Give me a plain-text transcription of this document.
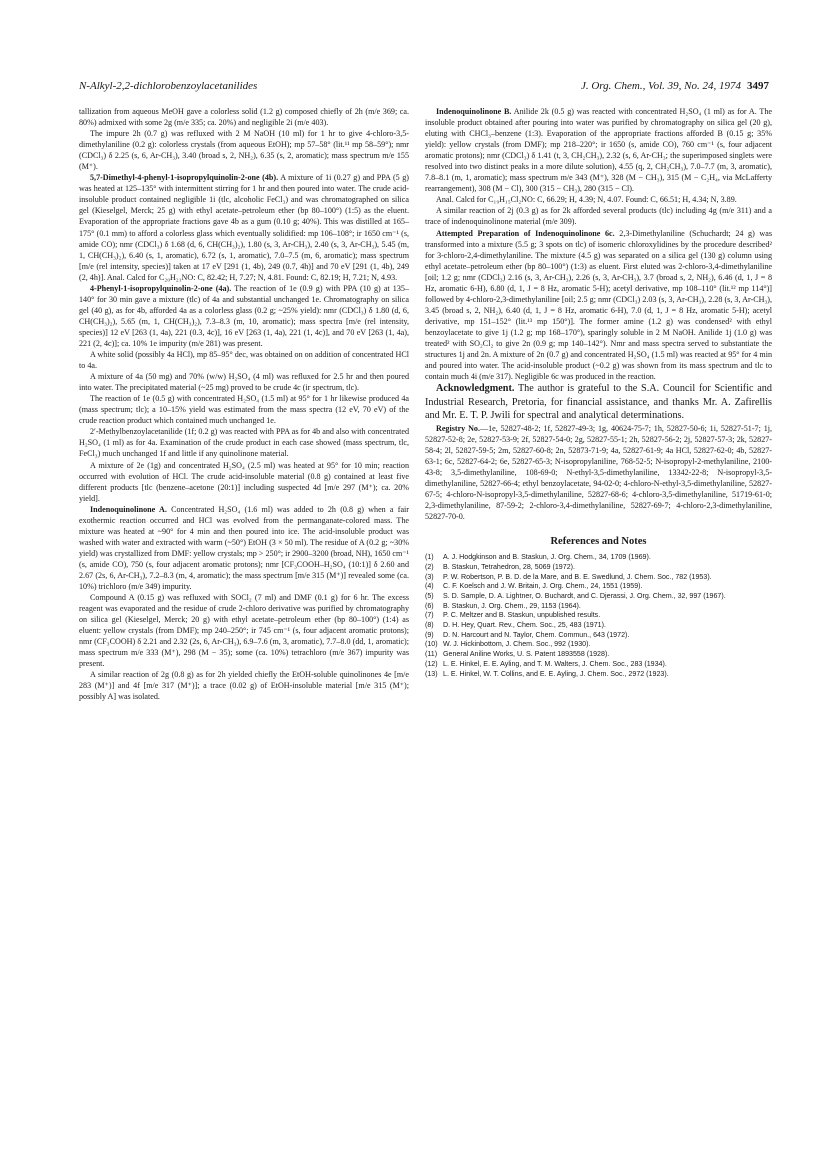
N-Alkyl-2,2-dichlorobenzoylacetanilides	J. Org. Chem., Vol. 39, No. 24, 1974 3497

tallization from aqueous MeOH gave a colorless solid (1.2 g) composed chiefly of 2h (m/e 369; ca. 80%) admixed with some 2g (m/e 335; ca. 20%) and negligible 2i (m/e 403).

The impure 2h (0.7 g) was refluxed with 2 M NaOH (10 ml) for 1 hr to give 4-chloro-3,5-dimethylaniline (0.2 g): colorless crystals (from aqueous EtOH); mp 57–58° (lit.¹¹ mp 58–59°); nmr (CDCl₃) δ 2.25 (s, 6, Ar-CH₃), 3.40 (broad s, 2, NH₂), 6.35 (s, 2, aromatic); mass spectrum m/e 155 (M⁺).

5,7-Dimethyl-4-phenyl-1-isopropylquinolin-2-one (4b). A mixture of 1i (0.27 g) and PPA (5 g) was heated at 125–135° with intermittent stirring for 1 hr and then poured into water. The crude acid-insoluble product contained negligible 1i (tlc, alcoholic FeCl₃) and was chromatographed on silica gel (Kieselgel, Merck; 25 g) with ethyl acetate–petroleum ether (bp 80–100°) (1:5) as the eluent. Evaporation of the appropriate fractions gave 4b as a gum (0.10 g; 40%). This was distilled at 165–175° (0.1 mm) to afford a colorless glass which eventually solidified: mp 106–108°; ir 1650 cm⁻¹ (s, amide CO); nmr (CDCl₃) δ 1.68 (d, 6, CH(CH₃)₂), 1.80 (s, 3, Ar-CH₃), 2.40 (s, 3, Ar-CH₃), 5.45 (m, 1, CH(CH₃)₂), 6.40 (s, 1, aromatic), 6.72 (s, 1, aromatic), 7.0–7.5 (m, 6, aromatic); mass spectrum [m/e (rel intensity, species)] taken at 17 eV [291 (1, 4b), 249 (0.7, 4h)] and 70 eV [291 (1, 4b), 249 (2, 4h)]. Anal. Calcd for C₂₀H₂₁NO: C, 82.42; H, 7.27; N, 4.81. Found: C, 82.19; H, 7.21; N, 4.93.

4-Phenyl-1-isopropylquinolin-2-one (4a). The reaction of 1e (0.9 g) with PPA (10 g) at 135–140° for 30 min gave a mixture (tlc) of 4a and substantial unchanged 1e. Chromatography on silica gel (40 g), as for 4b, afforded 4a as a colorless glass (0.2 g; ~25% yield): nmr (CDCl₃) δ 1.80 (d, 6, CH(CH₃)₂), 5.65 (m, 1, CH(CH₃)₂), 7.3–8.3 (m, 10, aromatic); mass spectra [m/e (rel intensity, species)] 12 eV [263 (1, 4a), 221 (0.3, 4c)], 16 eV [263 (1, 4a), 221 (1, 4c)], and 70 eV [263 (1, 4a), 221 (2, 4c)]; ca. 10% 1e impurity (m/e 281) was present.

A white solid (possibly 4a HCl), mp 85–95° dec, was obtained on on addition of concentrated HCl to 4a.

A mixture of 4a (50 mg) and 70% (w/w) H₂SO₄ (4 ml) was refluxed for 2.5 hr and then poured into water. The precipitated material (~25 mg) proved to be crude 4c (ir spectrum, tlc).

The reaction of 1e (0.5 g) with concentrated H₂SO₄ (1.5 ml) at 95° for 1 hr likewise produced 4a (mass spectrum; tlc); a 10–15% yield was estimated from the mass spectra (12 eV, 70 eV) of the crude reaction product which contained much unchanged 1e.

2′-Methylbenzoylacetanilide (1f; 0.2 g) was reacted with PPA as for 4b and also with concentrated H₂SO₄ (1 ml) as for 4a. Examination of the crude product in each case showed (mass spectrum, tlc, FeCl₃) much unchanged 1f and little if any quinolinone material.

A mixture of 2e (1g) and concentrated H₂SO₄ (2.5 ml) was heated at 95° for 10 min; reaction occurred with evolution of HCl. The crude acid-insoluble material (0.8 g) contained at least five different products [tlc (benzene–acetone (20:1)] including suspected 4d [m/e 297 (M⁺); ca. 20% yield].

Indenoquinolinone A. Concentrated H₂SO₄ (1.6 ml) was added to 2h (0.8 g) when a fair exothermic reaction occurred and HCl was evolved from the permanganate-colored mass. The mixture was heated at ~90° for 4 min and then poured into ice. The acid-insoluble product was washed with water and extracted with warm (~50°) EtOH (3 × 50 ml). The residue of A (0.2 g; ~30% yield) was crystallized from DMF: yellow crystals; mp > 250°; ir 2900–3200 (broad, NH), 1650 cm⁻¹ (s, amide CO), 750 (s, four adjacent aromatic protons); nmr [CF₃COOH–H₂SO₄ (10:1)] δ 2.60 and 2.67 (2s, 6, Ar-CH₃), 7.2–8.3 (m, 4, aromatic); the mass spectrum [m/e 315 (M⁺)] revealed some (ca. 10%) trichloro (m/e 349) impurity.

Compound A (0.15 g) was refluxed with SOCl₂ (7 ml) and DMF (0.1 g) for 6 hr. The excess reagent was evaporated and the residue of crude 2-chloro derivative was purified by chromatography on silica gel (Kieselgel, Merck; 20 g) with ethyl acetate–petroleum ether (bp 80–100°) (1:4) as eluent: yellow crystals (from DMF); mp 240–250°; ir 745 cm⁻¹ (s, four adjacent aromatic protons); nmr (CF₃COOH) δ 2.21 and 2.32 (2s, 6, Ar-CH₃), 6.9–7.6 (m, 3, aromatic), 7.7–8.0 (dd, 1, aromatic); mass spectrum m/e 333 (M⁺), 298 (M − 35); some (ca. 10%) tetrachloro (m/e 367) impurity was present.

A similar reaction of 2g (0.8 g) as for 2h yielded chiefly the EtOH-soluble quinolinones 4e [m/e 283 (M⁺)] and 4f [m/e 317 (M⁺)]; a trace (0.02 g) of EtOH-insoluble material [m/e 315 (M⁺); possibly A] was isolated.

Indenoquinolinone B. Anilide 2k (0.5 g) was reacted with concentrated H₂SO₄ (1 ml) as for A. The insoluble product obtained after pouring into water was purified by chromatography on silica gel (20 g), eluting with CHCl₃–benzene (1:3). Evaporation of the appropriate fractions afforded B (0.15 g; 35% yield): yellow crystals (from DMF); mp 218–220°; ir 1650 (s, amide CO), 760 cm⁻¹ (s, four adjacent aromatic protons); nmr (CDCl₃) δ 1.41 (t, 3, CH₂CH₃), 2.32 (s, 6, Ar-CH₃; the superimposed singlets were resolved into two distinct peaks in a more dilute solution), 4.55 (q, 2, CH₂CH₃), 7.0–7.7 (m, 3, aromatic), 7.8–8.1 (m, 1, aromatic); mass spectrum m/e 343 (M⁺), 328 (M − CH₃), 315 (M − C₂H₄, via McLafferty rearrangement), 308 (M − Cl), 300 (315 − CH₃), 280 (315 − Cl).

Anal. Calcd for C₁₉H₁₅Cl₂NO: C, 66.29; H, 4.39; N, 4.07. Found: C, 66.51; H, 4.34; N, 3.89.

A similar reaction of 2j (0.3 g) as for 2k afforded several products (tlc) including 4g (m/e 311) and a trace of indenoquinolinone material (m/e 309).

Attempted Preparation of Indenoquinolinone 6c. 2,3-Dimethylaniline (Schuchardt; 24 g) was transformed into a mixture (5.5 g; 3 spots on tlc) of isomeric chloroxylidines by the procedure described² for 3-chloro-2,4-dimethylaniline. The mixture (4.5 g) was separated on a silica gel (130 g) column using ethyl acetate–petroleum ether (bp 80–100°) (1:3) as eluent. First eluted was 2-chloro-3,4-dimethylaniline [oil; 1.2 g; nmr (CDCl₃) 2.16 (s, 3, Ar-CH₃), 2.26 (s, 3, Ar-CH₃), 3.7 (broad s, 2, NH₂), 6.46 (d, 1, J = 8 Hz, aromatic 6-H), 6.80 (d, 1, J = 8 Hz, aromatic 5-H); acetyl derivative, mp 108–110° (lit.¹² mp 114°)] followed by 4-chloro-2,3-dimethylaniline [oil; 2.5 g; nmr (CDCl₃) 2.03 (s, 3, Ar-CH₃), 2.28 (s, 3, Ar-CH₃), 3.45 (broad s, 2, NH₂), 6.40 (d, 1, J = 8 Hz, aromatic 6-H), 7.0 (d, 1, J = 8 Hz, aromatic 5-H); acetyl derivative, mp 151–152° (lit.¹³ mp 150°)]. The former amine (1.2 g) was condensed² with ethyl benzoylacetate to give 1j (1.2 g; mp 168–170°), sparingly soluble in 2 M NaOH. Anilide 1j (1.0 g) was treated² with SO₂Cl₂ to give 2n (0.9 g; mp 140–142°). Nmr and mass spectra served to substantiate the structures 1j and 2n. A mixture of 2n (0.7 g) and concentrated H₂SO₄ (1.5 ml) was reacted at 95° for 4 min and poured into water. The acid-insoluble product (~0.2 g) was shown from its mass spectrum and tlc to contain much 4i (m/e 317). Negligible 6c was produced in the reaction.

Acknowledgment. The author is grateful to the S.A. Council for Scientific and Industrial Research, Pretoria, for financial assistance, and thanks Mr. A. Zafirellis and Mr. E. T. P. Jwili for spectral and analytical determinations.

Registry No.—1e, 52827-48-2; 1f, 52827-49-3; 1g, 40624-75-7; 1h, 52827-50-6; 1i, 52827-51-7; 1j, 52827-52-8; 2e, 52827-53-9; 2f, 52827-54-0; 2g, 52827-55-1; 2h, 52827-56-2; 2j, 52827-57-3; 2k, 52827-58-4; 2l, 52827-59-5; 2m, 52827-60-8; 2n, 52873-71-9; 4a, 52827-61-9; 4a HCl, 52827-62-0; 4b, 52827-63-1; 6c, 52827-64-2; 6e, 52827-65-3; N-isopropylaniline, 768-52-5; N-isopropyl-2-methylaniline, 2100-43-8; 3,5-dimethylaniline, 108-69-0; N-ethyl-3,5-dimethylaniline, 13342-22-8; N-isopropyl-3,5-dimethylaniline, 52827-66-4; ethyl benzoylacetate, 94-02-0; 4-chloro-N-ethyl-3,5-dimethylaniline, 52827-67-5; 4-chloro-N-isopropyl-3,5-dimethylaniline, 52827-68-6; 4-chloro-3,5-dimethylaniline, 51719-61-0; 2,3-dimethylaniline, 87-59-2; 2-chloro-3,4-dimethylaniline, 52827-69-7; 4-chloro-2,3-dimethylaniline, 52827-70-0.

References and Notes
(1)	A. J. Hodgkinson and B. Staskun, J. Org. Chem., 34, 1709 (1969).
(2)	B. Staskun, Tetrahedron, 28, 5069 (1972).
(3)	P. W. Robertson, P. B. D. de la Mare, and B. E. Swedlund, J. Chem. Soc., 782 (1953).
(4)	C. F. Koelsch and J. W. Britain, J. Org. Chem., 24, 1551 (1959).
(5)	S. D. Sample, D. A. Lightner, O. Buchardt, and C. Djerassi, J. Org. Chem., 32, 997 (1967).
(6)	B. Staskun, J. Org. Chem., 29, 1153 (1964).
(7)	P. C. Meltzer and B. Staskun, unpublished results.
(8)	D. H. Hey, Quart. Rev., Chem. Soc., 25, 483 (1971).
(9)	D. N. Harcourt and N. Taylor, Chem. Commun., 643 (1972).
(10) W. J. Hickinbottom, J. Chem. Soc., 992 (1930).
(11) General Aniline Works, U. S. Patent 1893558 (1928).
(12) L. E. Hinkel, E. E. Ayling, and T. M. Walters, J. Chem. Soc., 283 (1934).
(13) L. E. Hinkel, W. T. Collins, and E. E. Ayling, J. Chem. Soc., 2972 (1923).
